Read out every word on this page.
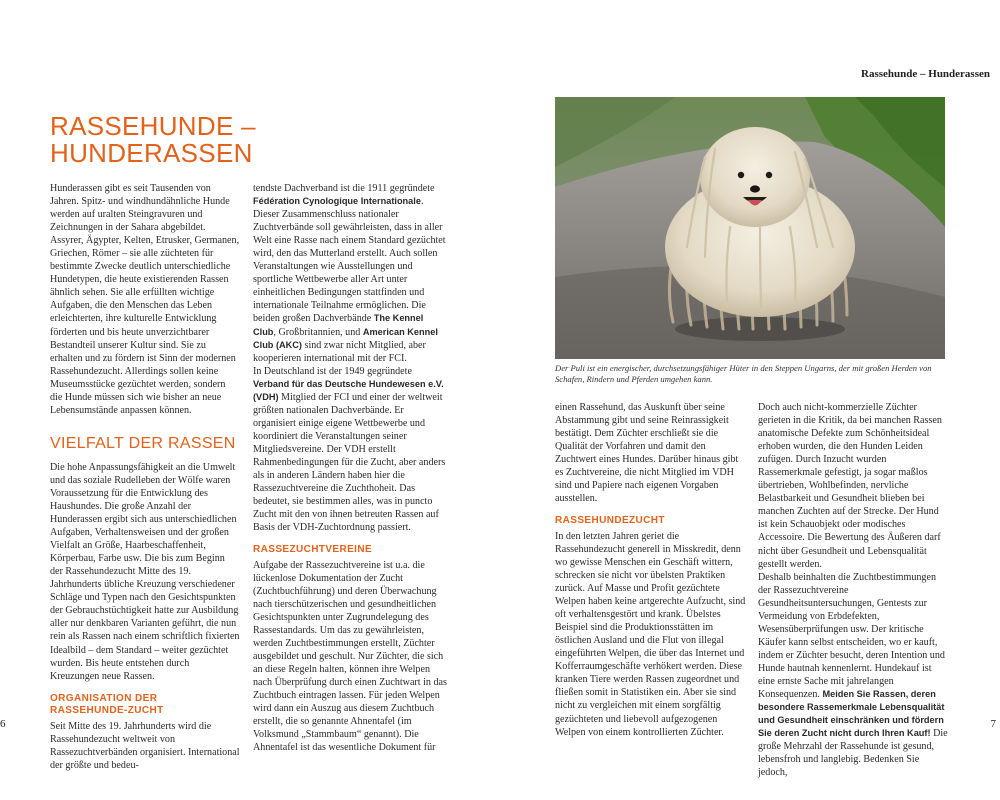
RASSEHUNDE –
HUNDERASSEN

Hunderassen gibt es seit Tausenden von Jahren. Spitz- und windhundähnliche Hunde werden auf uralten Steingravuren und Zeichnungen in der Sahara abgebildet. Assyrer, Ägypter, Kelten, Etrusker, Germanen, Griechen, Römer – sie alle züchteten für bestimmte Zwecke deutlich unterschiedliche Hundetypen, die heute existierenden Rassen ähnlich sehen. Sie alle erfüllten wichtige Aufgaben, die den Menschen das Leben erleichterten, ihre kulturelle Entwicklung förderten und bis heute unverzichtbarer Bestandteil unserer Kultur sind. Sie zu erhalten und zu fördern ist Sinn der modernen Rassehundezucht. Allerdings sollen keine Museumsstücke gezüchtet werden, sondern die Hunde müssen sich wie bisher an neue Lebensumstände anpassen können.

VIELFALT DER RASSEN

Die hohe Anpassungsfähigkeit an die Umwelt und das soziale Rudelleben der Wölfe waren Voraussetzung für die Entwicklung des Haushundes. Die große Anzahl der Hunderassen ergibt sich aus unterschiedlichen Aufgaben, Verhaltensweisen und der großen Vielfalt an Größe, Haarbeschaffenheit, Körperbau, Farbe usw. Die bis zum Beginn der Rassehundezucht Mitte des 19. Jahrhunderts übliche Kreuzung verschiedener Schläge und Typen nach den Gesichtspunkten der Gebrauchstüchtigkeit hatte zur Ausbildung aller nur denkbaren Varianten geführt, die nun rein als Rassen nach einem schriftlich fixierten Idealbild – dem Standard – weiter gezüchtet wurden. Bis heute entstehen durch Kreuzungen neue Rassen.

ORGANISATION DER RASSEHUNDE-ZUCHT

Seit Mitte des 19. Jahrhunderts wird die Rassehundezucht weltweit von Rassezuchtverbänden organisiert. International der größte und bedeu-

tendste Dachverband ist die 1911 gegründete Fédération Cynologique Internationale. Dieser Zusammenschluss nationaler Zuchtverbände soll gewährleisten, dass in aller Welt eine Rasse nach einem Standard gezüchtet wird, den das Mutterland erstellt. Auch sollen Veranstaltungen wie Ausstellungen und sportliche Wettbewerbe aller Art unter einheitlichen Bedingungen stattfinden und internationale Teilnahme ermöglichen. Die beiden großen Dachverbände The Kennel Club, Großbritannien, und American Kennel Club (AKC) sind zwar nicht Mitglied, aber kooperieren international mit der FCI.

In Deutschland ist der 1949 gegründete Verband für das Deutsche Hundewesen e.V. (VDH) Mitglied der FCI und einer der weltweit größten nationalen Dachverbände. Er organisiert einige eigene Wettbewerbe und koordiniert die Veranstaltungen seiner Mitgliedsvereine. Der VDH erstellt Rahmenbedingungen für die Zucht, aber anders als in anderen Ländern haben hier die Rassezuchtvereine die Zuchthoheit. Das bedeutet, sie bestimmen alles, was in puncto Zucht mit den von ihnen betreuten Rassen auf Basis der VDH-Zuchtordnung passiert.

RASSEZUCHTVEREINE

Aufgabe der Rassezuchtvereine ist u.a. die lückenlose Dokumentation der Zucht (Zuchtbuchführung) und deren Überwachung nach tierschützerischen und gesundheitlichen Gesichtspunkten unter Zugrundelegung des Rassestandards. Um das zu gewährleisten, werden Zuchtbestimmungen erstellt, Züchter ausgebildet und geschult. Nur Züchter, die sich an diese Regeln halten, können ihre Welpen nach Überprüfung durch einen Zuchtwart in das Zuchtbuch eintragen lassen. Für jeden Welpen wird dann ein Auszug aus diesem Zuchtbuch erstellt, die so genannte Ahnentafel (im Volksmund „Stammbaum“ genannt). Die Ahnentafel ist das wesentliche Dokument für

6
Rassehunde – Hunderassen
7

Der Puli ist ein energischer, durchsetzungsfähiger Hüter in den Steppen Ungarns, der mit großen Herden von Schafen, Rindern und Pferden umgehen kann.

einen Rassehund, das Auskunft über seine Abstammung gibt und seine Reinrassigkeit bestätigt. Dem Züchter erschließt sie die Qualität der Vorfahren und damit den Zuchtwert eines Hundes. Darüber hinaus gibt es Zuchtvereine, die nicht Mitglied im VDH sind und Papiere nach eigenen Vorgaben ausstellen.

RASSEHUNDEZUCHT

In den letzten Jahren geriet die Rassehundezucht generell in Misskredit, denn wo gewisse Menschen ein Geschäft wittern, schrecken sie nicht vor übelsten Praktiken zurück. Auf Masse und Profit gezüchtete Welpen haben keine artgerechte Aufzucht, sind oft verhaltensgestört und krank. Übelstes Beispiel sind die Produktionsstätten im östlichen Ausland und die Flut von illegal eingeführten Welpen, die über das Internet und Kofferraumgeschäfte verhökert werden. Diese kranken Tiere werden Rassen zugeordnet und fließen somit in Statistiken ein. Aber sie sind nicht zu vergleichen mit einem sorgfältig gezüchteten und liebevoll aufgezogenen Welpen von einem kontrollierten Züchter.

Doch auch nicht-kommerzielle Züchter gerieten in die Kritik, da bei manchen Rassen anatomische Defekte zum Schönheitsideal erhoben wurden, die den Hunden Leiden zufügen. Durch Inzucht wurden Rassemerkmale gefestigt, ja sogar maßlos übertrieben, Wohlbefinden, nervliche Belastbarkeit und Gesundheit blieben bei manchen Zuchten auf der Strecke. Der Hund ist kein Schauobjekt oder modisches Accessoire. Die Bewertung des Äußeren darf nicht über Gesundheit und Lebensqualität gestellt werden.

Deshalb beinhalten die Zuchtbestimmungen der Rassezuchtvereine Gesundheitsuntersuchungen, Gentests zur Vermeidung von Erbdefekten, Wesensüberprüfungen usw. Der kritische Käufer kann selbst entscheiden, wo er kauft, indem er Züchter besucht, deren Intention und Hunde hautnah kennenlernt. Hundekauf ist eine ernste Sache mit jahrelangen Konsequenzen. Meiden Sie Rassen, deren besondere Rassemerkmale Lebensqualität und Gesundheit einschränken und fördern Sie deren Zucht nicht durch Ihren Kauf! Die große Mehrzahl der Rassehunde ist gesund, lebensfroh und langlebig. Bedenken Sie jedoch,
